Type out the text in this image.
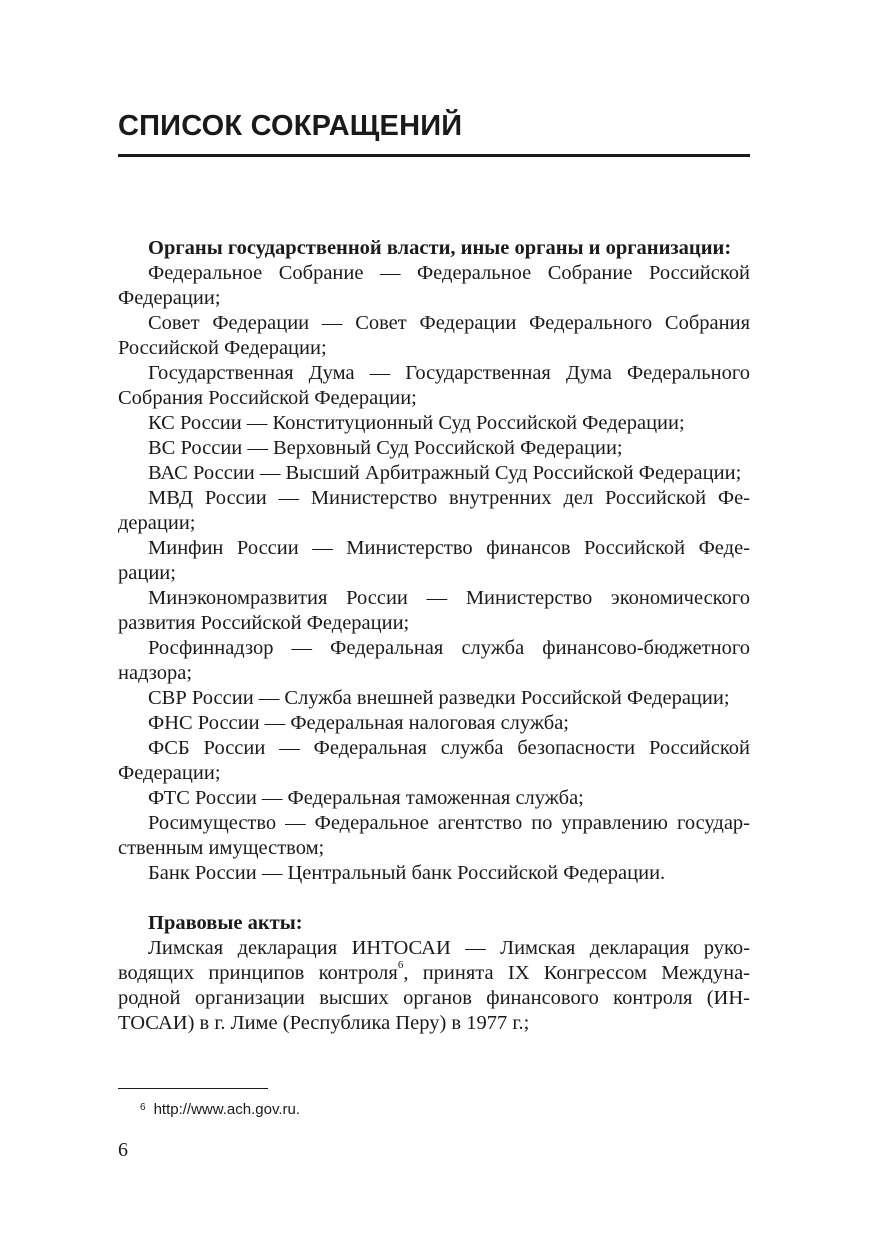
СПИСОК СОКРАЩЕНИЙ

Органы государственной власти, иные органы и организации:

Федеральное Собрание — Федеральное Собрание Российской Федерации;

Совет Федерации — Совет Федерации Федерального Собрания Российской Федерации;

Государственная Дума — Государственная Дума Федерального Собрания Российской Федерации;

КС России — Конституционный Суд Российской Федерации;

ВС России — Верховный Суд Российской Федерации;

ВАС России — Высший Арбитражный Суд Российской Федерации;

МВД России — Министерство внутренних дел Российской Федерации;

Минфин России — Министерство финансов Российской Федерации;

Минэкономразвития России — Министерство экономического развития Российской Федерации;

Росфиннадзор — Федеральная служба финансово-бюджетного надзора;

СВР России — Служба внешней разведки Российской Федерации;

ФНС России — Федеральная налоговая служба;

ФСБ России — Федеральная служба безопасности Российской Федерации;

ФТС России — Федеральная таможенная служба;

Росимущество — Федеральное агентство по управлению государственным имуществом;

Банк России — Центральный банк Российской Федерации.

Правовые акты:

Лимская декларация ИНТОСАИ — Лимская декларация руководящих принципов контроля$^6$, принята IX Конгрессом Международной организации высших органов финансового контроля (ИНТОСАИ) в г. Лиме (Республика Перу) в 1977 г.;

$^6$ http://www.ach.gov.ru.
6
